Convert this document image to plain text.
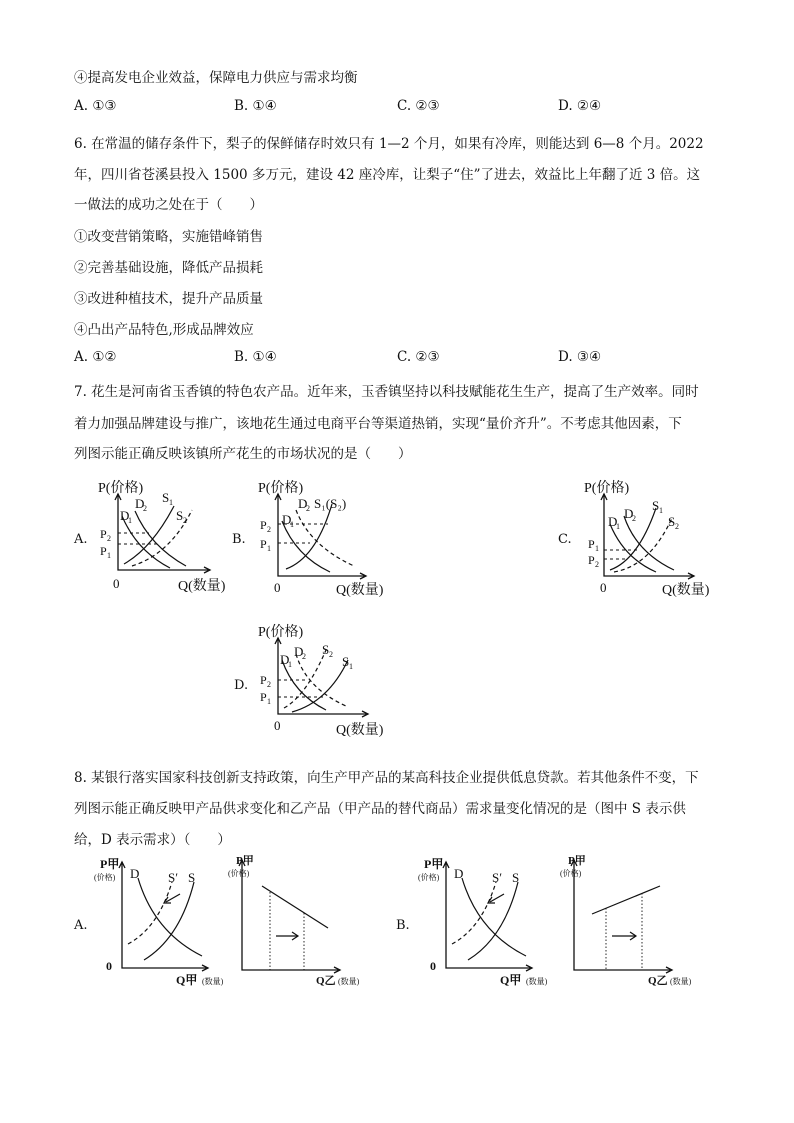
④提高发电企业效益，保障电力供应与需求均衡
A. ①③	B. ①④	C. ②③	D. ②④
6. 在常温的储存条件下，梨子的保鲜储存时效只有 1—2 个月，如果有冷库，则能达到 6—8 个月。2022
年，四川省苍溪县投入 1500 多万元，建设 42 座冷库，让梨子“住”了进去，效益比上年翻了近 3 倍。这
一做法的成功之处在于（　　）
①改变营销策略，实施错峰销售
②完善基础设施，降低产品损耗
③改进种植技术，提升产品质量
④凸出产品特色,形成品牌效应
A. ①②	B. ①④	C. ②③	D. ③④
7. 花生是河南省玉香镇的特色农产品。近年来，玉香镇坚持以科技赋能花生生产，提高了生产效率。同时
着力加强品牌建设与推广，该地花生通过电商平台等渠道热销，实现“量价齐升”。不考虑其他因素，下
列图示能正确反映该镇所产花生的市场状况的是（　　）
A.	B.	C.
D.
P(价格)
0	Q(数量)
P 2
P 1
D
1
D
2
S 1
S 2
P(价格)
0	Q(数量)
P 2
P 1
D
1
D
2 S₁(S₂)
P(价格)
0	Q(数量)
P 1
P 2
D
1
D
2
S 1
S 2
P(价格)
0	Q(数量)
P 2
P 1
D
1
D
2 S 2 S 1
8. 某银行落实国家科技创新支持政策，向生产甲产品的某高科技企业提供低息贷款。若其他条件不变，下
列图示能正确反映甲产品供求变化和乙产品（甲产品的替代商品）需求量变化情况的是（图中 S 表示供
给，D 表示需求）（　　）
A.	B.
P甲
(价格)
0
Q甲 (数量)
D S′ S
P甲
(价格)
Q乙 (数量)
P甲
(价格)
0
Q甲 (数量)
D S′ S
P甲
(价格)
Q乙 (数量)
